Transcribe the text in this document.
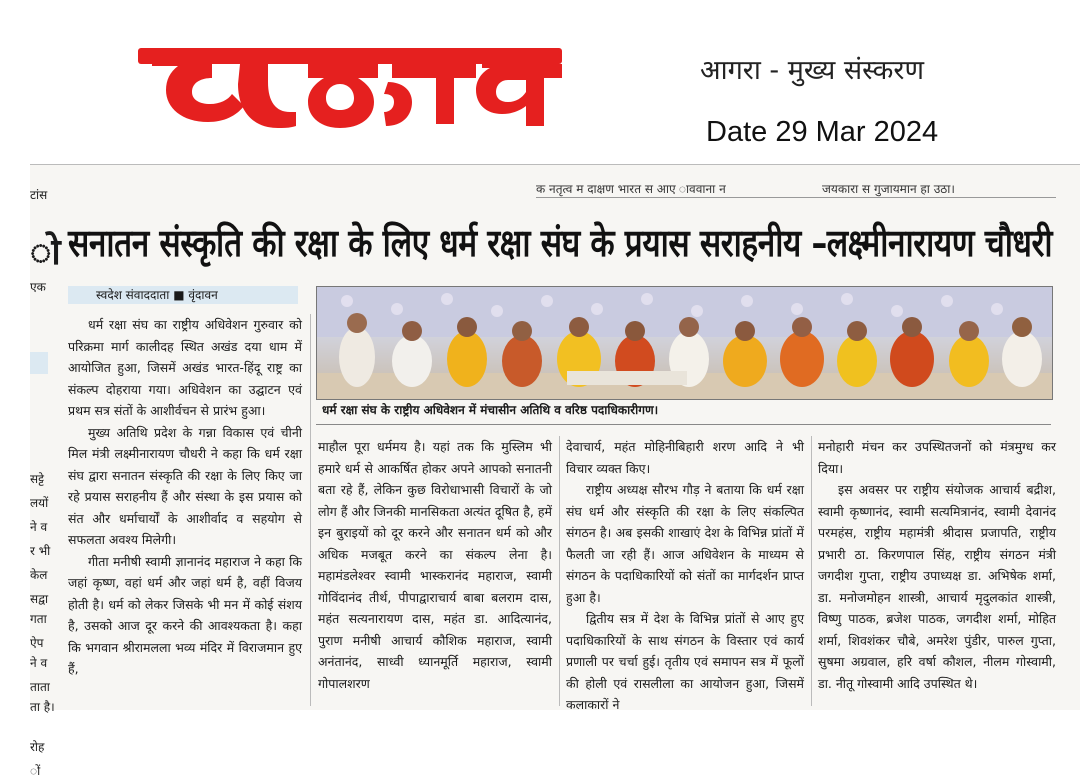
आगरा - मुख्य संस्करण
Date 29 Mar 2024
टांस
एक
सट्टे
लयों
ने व
र भी
केल
सद्वा
गता
ऐप
ने व
ताता
ता है।
रोह
ों
ो
क नतृत्व म दाक्षण भारत स आए ाववाना न	जयकारा स गुजायमान हा उठा।
सनातन संस्कृति की रक्षा के लिए धर्म रक्षा संघ के प्रयास सराहनीय –लक्ष्मीनारायण चौधरी
स्वदेश संवाददाता ■ वृंदावन
धर्म रक्षा संघ के राष्ट्रीय अधिवेशन में मंचासीन अतिथि व वरिष्ठ पदाधिकारीगण।

धर्म रक्षा संघ का राष्ट्रीय अधिवेशन गुरुवार को परिक्रमा मार्ग कालीदह स्थित अखंड दया धाम में आयोजित हुआ, जिसमें अखंड भारत-हिंदू राष्ट्र का संकल्प दोहराया गया। अधिवेशन का उद्घाटन एवं प्रथम सत्र संतों के आशीर्वचन से प्रारंभ हुआ।

मुख्य अतिथि प्रदेश के गन्ना विकास एवं चीनी मिल मंत्री लक्ष्मीनारायण चौधरी ने कहा कि धर्म रक्षा संघ द्वारा सनातन संस्कृति की रक्षा के लिए किए जा रहे प्रयास सराहनीय हैं और संस्था के इस प्रयास को संत और धर्माचार्यों के आशीर्वाद व सहयोग से सफलता अवश्य मिलेगी।

गीता मनीषी स्वामी ज्ञानानंद महाराज ने कहा कि जहां कृष्ण, वहां धर्म और जहां धर्म है, वहीं विजय होती है। धर्म को लेकर जिसके भी मन में कोई संशय है, उसको आज दूर करने की आवश्यकता है। कहा कि भगवान श्रीरामलला भव्य मंदिर में विराजमान हुए हैं,

माहौल पूरा धर्ममय है। यहां तक कि मुस्लिम भी हमारे धर्म से आकर्षित होकर अपने आपको सनातनी बता रहे हैं, लेकिन कुछ विरोधाभासी विचारों के जो लोग हैं और जिनकी मानसिकता अत्यंत दूषित है, हमें इन बुराइयों को दूर करने और सनातन धर्म को और अधिक मजबूत करने का संकल्प लेना है। महामंडलेश्वर स्वामी भास्करानंद महाराज, स्वामी गोविंदानंद तीर्थ, पीपाद्वाराचार्य बाबा बलराम दास, महंत सत्यनारायण दास, महंत डा. आदित्यानंद, पुराण मनीषी आचार्य कौशिक महाराज, स्वामी अनंतानंद, साध्वी ध्यानमूर्ति महाराज, स्वामी गोपालशरण

देवाचार्य, महंत मोहिनीबिहारी शरण आदि ने भी विचार व्यक्त किए।

राष्ट्रीय अध्यक्ष सौरभ गौड़ ने बताया कि धर्म रक्षा संघ धर्म और संस्कृति की रक्षा के लिए संकल्पित संगठन है। अब इसकी शाखाएं देश के विभिन्न प्रांतों में फैलती जा रही हैं। आज अधिवेशन के माध्यम से संगठन के पदाधिकारियों को संतों का मार्गदर्शन प्राप्त हुआ है।

द्वितीय सत्र में देश के विभिन्न प्रांतों से आए हुए पदाधिकारियों के साथ संगठन के विस्तार एवं कार्य प्रणाली पर चर्चा हुई। तृतीय एवं समापन सत्र में फूलों की होली एवं रासलीला का आयोजन हुआ, जिसमें कलाकारों ने

मनोहारी मंचन कर उपस्थितजनों को मंत्रमुग्ध कर दिया।

इस अवसर पर राष्ट्रीय संयोजक आचार्य बद्रीश, स्वामी कृष्णानंद, स्वामी सत्यमित्रानंद, स्वामी देवानंद परमहंस, राष्ट्रीय महामंत्री श्रीदास प्रजापति, राष्ट्रीय प्रभारी ठा. किरणपाल सिंह, राष्ट्रीय संगठन मंत्री जगदीश गुप्ता, राष्ट्रीय उपाध्यक्ष डा. अभिषेक शर्मा, डा. मनोजमोहन शास्त्री, आचार्य मृदुलकांत शास्त्री, विष्णु पाठक, ब्रजेश पाठक, जगदीश शर्मा, मोहित शर्मा, शिवशंकर चौबे, अमरेश पुंडीर, पारुल गुप्ता, सुषमा अग्रवाल, हरि वर्षा कौशल, नीलम गोस्वामी, डा. नीतू गोस्वामी आदि उपस्थित थे।
